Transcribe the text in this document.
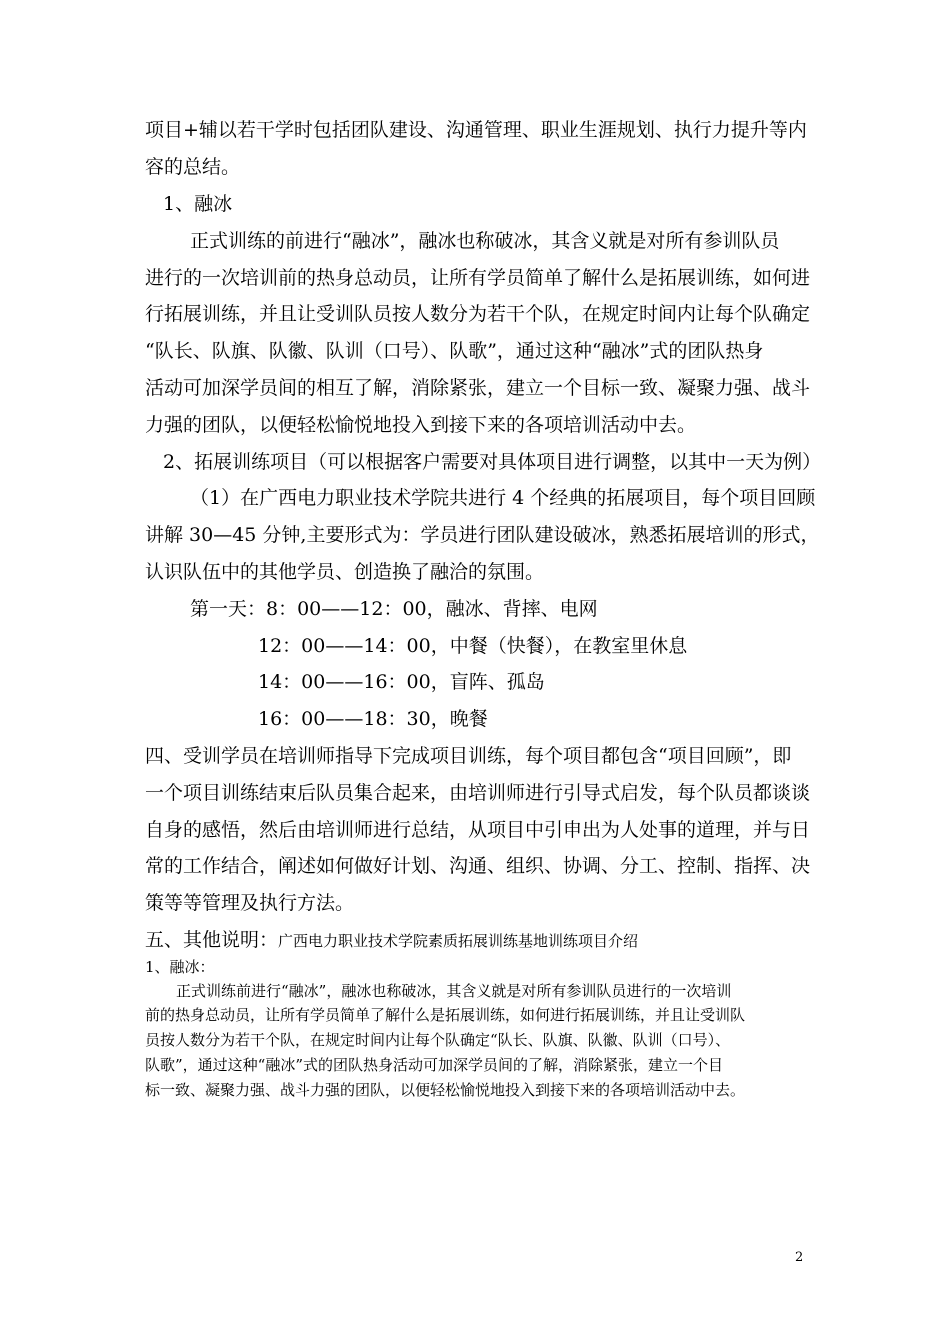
项目+辅以若干学时包括团队建设、沟通管理、职业生涯规划、执行力提升等内
容的总结。
1、融冰
正式训练的前进行“融冰”，融冰也称破冰，其含义就是对所有参训队员
进行的一次培训前的热身总动员，让所有学员简单了解什么是拓展训练，如何进
行拓展训练，并且让受训队员按人数分为若干个队，在规定时间内让每个队确定
“队长、队旗、队徽、队训（口号）、队歌”，通过这种“融冰”式的团队热身
活动可加深学员间的相互了解，消除紧张，建立一个目标一致、凝聚力强、战斗
力强的团队，以便轻松愉悦地投入到接下来的各项培训活动中去。
2、拓展训练项目（可以根据客户需要对具体项目进行调整，以其中一天为例）
（1）在广西电力职业技术学院共进行 4 个经典的拓展项目，每个项目回顾
讲解 30—45 分钟,主要形式为：学员进行团队建设破冰，熟悉拓展培训的形式，
认识队伍中的其他学员、创造换了融洽的氛围。
第一天：8：00——12：00，融冰、背摔、电网
12：00——14：00，中餐（快餐），在教室里休息
14：00——16：00，盲阵、孤岛
16：00——18：30，晚餐
四、受训学员在培训师指导下完成项目训练，每个项目都包含“项目回顾”，即
一个项目训练结束后队员集合起来，由培训师进行引导式启发，每个队员都谈谈
自身的感悟，然后由培训师进行总结，从项目中引申出为人处事的道理，并与日
常的工作结合，阐述如何做好计划、沟通、组织、协调、分工、控制、指挥、决
策等等管理及执行方法。
五、其他说明：广西电力职业技术学院素质拓展训练基地训练项目介绍
1、融冰：
正式训练前进行“融冰”，融冰也称破冰，其含义就是对所有参训队员进行的一次培训
前的热身总动员，让所有学员简单了解什么是拓展训练，如何进行拓展训练，并且让受训队
员按人数分为若干个队，在规定时间内让每个队确定“队长、队旗、队徽、队训（口号）、
队歌”，通过这种“融冰”式的团队热身活动可加深学员间的了解，消除紧张，建立一个目
标一致、凝聚力强、战斗力强的团队，以便轻松愉悦地投入到接下来的各项培训活动中去。
2
